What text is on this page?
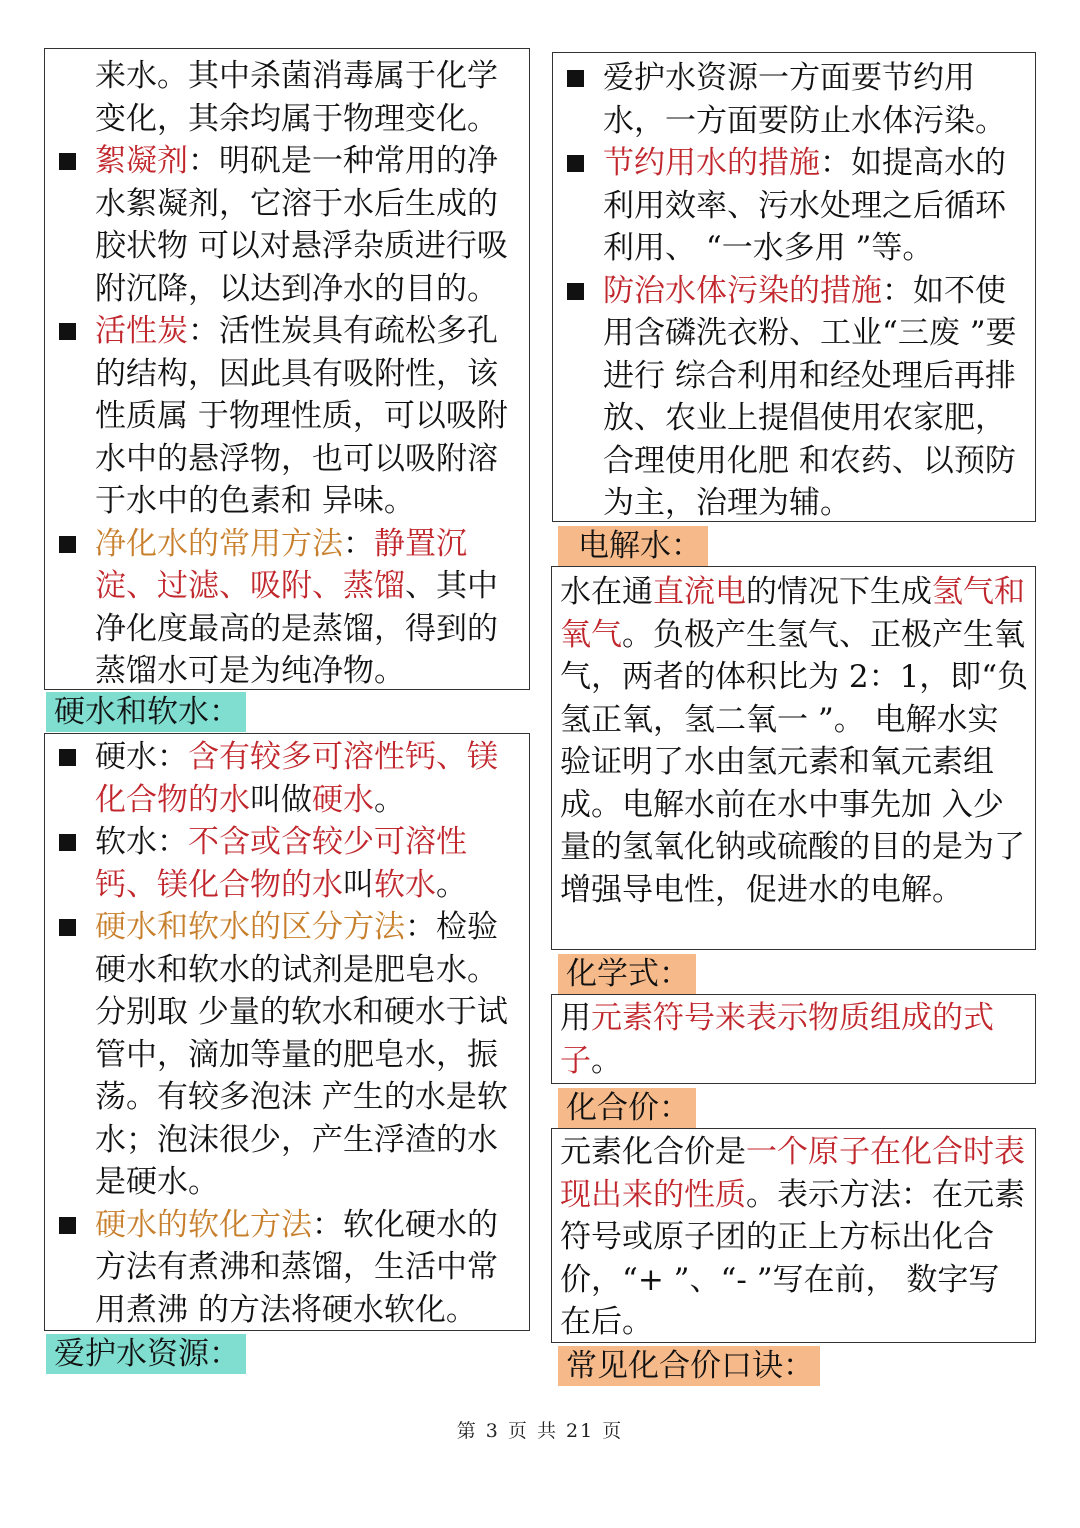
来水。其中杀菌消毒属于化学变化，其余均属于物理变化。

絮凝剂：明矾是一种常用的净水絮凝剂，它溶于水后生成的胶状物 可以对悬浮杂质进行吸附沉降，以达到净水的目的。
活性炭：活性炭具有疏松多孔的结构，因此具有吸附性，该性质属 于物理性质，可以吸附水中的悬浮物，也可以吸附溶于水中的色素和 异味。
净化水的常用方法：静置沉淀、过滤、吸附、蒸馏、其中净化度最高的是蒸馏，得到的蒸馏水可是为纯净物。
硬水和软水：
硬水：含有较多可溶性钙、镁化合物的水叫做硬水。
软水：不含或含较少可溶性钙、镁化合物的水叫软水。
硬水和软水的区分方法：检验硬水和软水的试剂是肥皂水。分别取 少量的软水和硬水于试管中，滴加等量的肥皂水，振荡。有较多泡沫 产生的水是软水；泡沫很少，产生浮渣的水是硬水。
硬水的软化方法：软化硬水的方法有煮沸和蒸馏，生活中常用煮沸 的方法将硬水软化。
爱护水资源：
爱护水资源一方面要节约用水，一方面要防止水体污染。
节约用水的措施：如提高水的利用效率、污水处理之后循环利用、 “一水多用 ”等。
防治水体污染的措施：如不使用含磷洗衣粉、工业“三废 ”要进行 综合利用和经处理后再排放、农业上提倡使用农家肥，合理使用化肥 和农药、以预防为主，治理为辅。
电解水：

水在通直流电的情况下生成氢气和氧气。负极产生氢气、正极产生氧气，两者的体积比为 2：1，即“负氢正氧，氢二氧一 ”。 电解水实验证明了水由氢元素和氧元素组成。电解水前在水中事先加 入少量的氢氧化钠或硫酸的目的是为了增强导电性，促进水的电解。

化学式：

用元素符号来表示物质组成的式子。

化合价：

元素化合价是一个原子在化合时表现出来的性质。表示方法：在元素符号或原子团的正上方标出化合价，“+ ”、“- ”写在前， 数字写在后。

常见化合价口诀：
第 3 页 共 21 页
